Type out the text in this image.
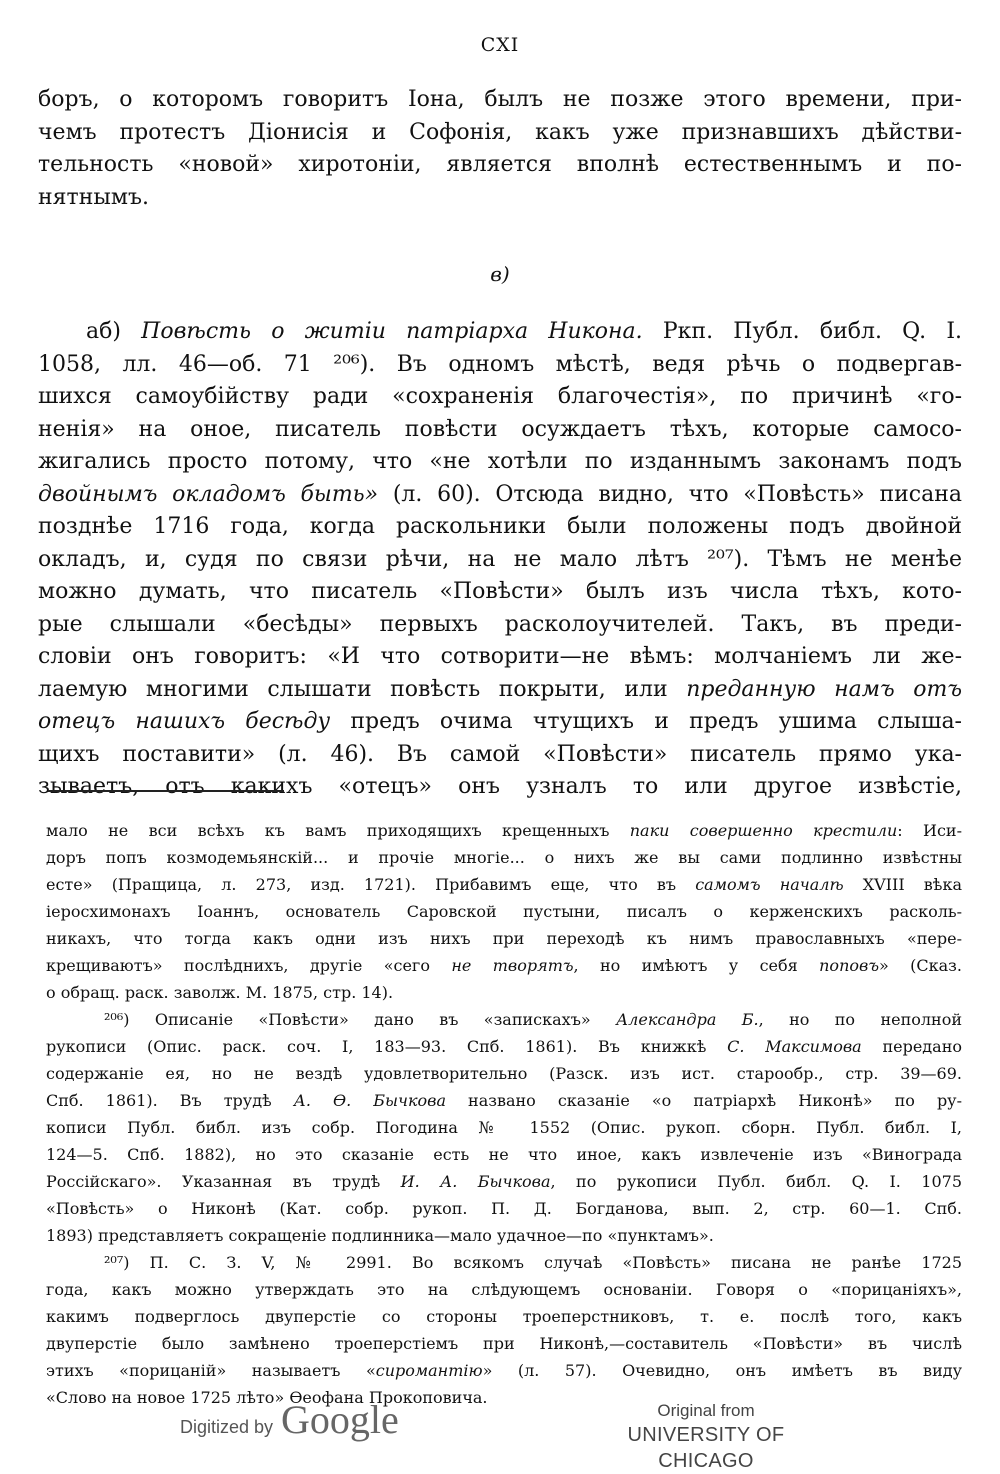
CXI
боръ, о которомъ говоритъ Іона, былъ не позже этого времени, при-
чемъ протестъ Діонисія и Софонія, какъ уже признавшихъ дѣйстви-
тельность «новой» хиротоніи, является вполнѣ естественнымъ и по-
нятнымъ.
в)
аб) Повѣсть о житіи патріарха Никона. Ркп. Публ. библ. Q. I.
1058, лл. 46—об. 71 ²⁰⁶). Въ одномъ мѣстѣ, ведя рѣчь о подвергав-
шихся самоубійству ради «сохраненія благочестія», по причинѣ «го-
ненія» на оное, писатель повѣсти осуждаетъ тѣхъ, которые самосо-
жигались просто потому, что «не хотѣли по изданнымъ законамъ подъ
двойнымъ окладомъ быть» (л. 60). Отсюда видно, что «Повѣсть» писана
позднѣе 1716 года, когда раскольники были положены подъ двойной
окладъ, и, судя по связи рѣчи, на не мало лѣтъ ²⁰⁷). Тѣмъ не менѣе
можно думать, что писатель «Повѣсти» былъ изъ числа тѣхъ, кото-
рые слышали «бесѣды» первыхъ расколоучителей. Такъ, въ преди-
словіи онъ говоритъ: «И что сотворити—не вѣмъ: молчаніемъ ли же-
лаемую многими слышати повѣсть покрыти, или преданную намъ отъ
отецъ нашихъ бесѣду предъ очима чтущихъ и предъ ушима слыша-
щихъ поставити» (л. 46). Въ самой «Повѣсти» писатель прямо ука-
зываетъ, отъ какихъ «отецъ» онъ узналъ то или другое извѣстіе,
мало не вси всѣхъ къ вамъ приходящихъ крещенныхъ паки совершенно крестили: Иси-
доръ попъ козмодемьянскій... и прочіе многіе... о нихъ же вы сами подлинно извѣстны
есте» (Пращица, л. 273, изд. 1721). Прибавимъ еще, что въ самомъ началѣ XVIII вѣка
іеросхимонахъ Іоаннъ, основатель Саровской пустыни, писалъ о керженскихъ расколь-
никахъ, что тогда какъ одни изъ нихъ при переходѣ къ нимъ православныхъ «пере-
крещиваютъ» послѣднихъ, другіе «сего не творятъ, но имѣютъ у себя поповъ» (Сказ.
о обращ. раск. заволж. М. 1875, стр. 14).
²⁰⁶) Описаніе «Повѣсти» дано въ «запискахъ» Александра Б., но по неполной
рукописи (Опис. раск. соч. I, 183—93. Спб. 1861). Въ книжкѣ С. Максимова передано
содержаніе ея, но не вездѣ удовлетворительно (Разск. изъ ист. старообр., стр. 39—69.
Спб. 1861). Въ трудѣ А. Ѳ. Бычкова названо сказаніе «о патріархѣ Никонѣ» по ру-
кописи Публ. библ. изъ собр. Погодина № 1552 (Опис. рукоп. сборн. Публ. библ. I,
124—5. Спб. 1882), но это сказаніе есть не что иное, какъ извлеченіе изъ «Винограда
Россійскаго». Указанная въ трудѣ И. А. Бычкова, по рукописи Публ. библ. Q. I. 1075
«Повѣсть» о Никонѣ (Кат. собр. рукоп. П. Д. Богданова, вып. 2, стр. 60—1. Спб.
1893) представляетъ сокращеніе подлинника—мало удачное—по «пунктамъ».
²⁰⁷) П. С. З. V, № 2991. Во всякомъ случаѣ «Повѣсть» писана не ранѣе 1725
года, какъ можно утверждать это на слѣдующемъ основаніи. Говоря о «порицаніяхъ»,
какимъ подверглось двуперстіе со стороны троеперстниковъ, т. е. послѣ того, какъ
двуперстіе было замѣнено троеперстіемъ при Никонѣ,—составитель «Повѣсти» въ числѣ
этихъ «порицаній» называетъ «сиромантію» (л. 57). Очевидно, онъ имѣетъ въ виду
«Слово на новое 1725 лѣто» Ѳеофана Прокоповича.
Digitized by Google	Original from
UNIVERSITY OF CHICAGO
